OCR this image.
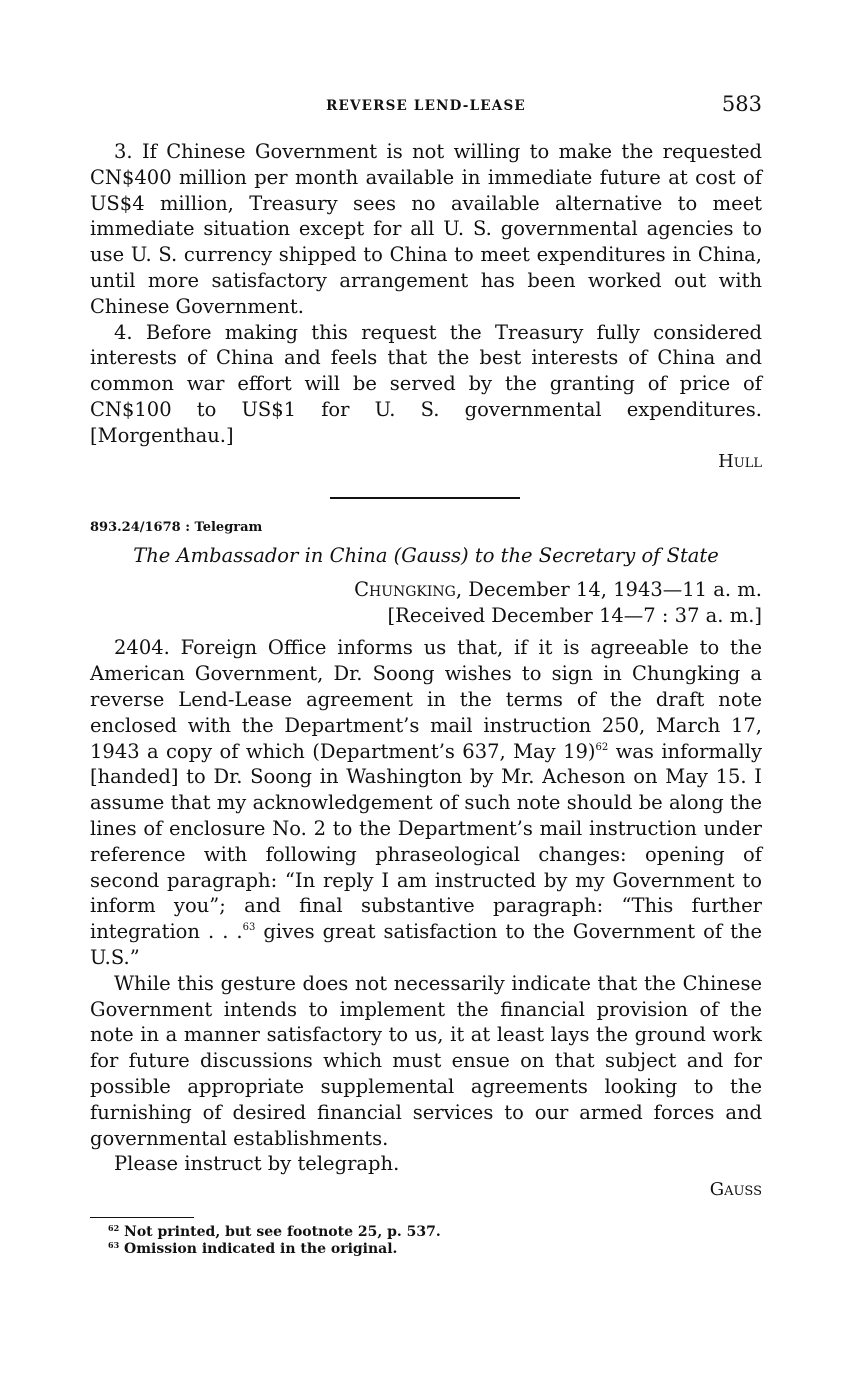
REVERSE LEND-LEASE	583

3. If Chinese Government is not willing to make the requested CN$400 million per month available in immediate future at cost of US$4 million, Treasury sees no available alternative to meet immediate situation except for all U. S. governmental agencies to use U. S. currency shipped to China to meet expenditures in China, until more satisfactory arrangement has been worked out with Chinese Government.

4. Before making this request the Treasury fully considered interests of China and feels that the best interests of China and common war effort will be served by the granting of price of CN$100 to US$1 for U. S. governmental expenditures. [Morgenthau.]

Hull

893.24/1678 : Telegram
The Ambassador in China (Gauss) to the Secretary of State
Chungking, December 14, 1943—11 a. m.
[Received December 14—7 : 37 a. m.]

2404. Foreign Office informs us that, if it is agreeable to the American Government, Dr. Soong wishes to sign in Chungking a reverse Lend-Lease agreement in the terms of the draft note enclosed with the Department’s mail instruction 250, March 17, 1943 a copy of which (Department’s 637, May 19)$^{62}$ was informally [handed] to Dr. Soong in Washington by Mr. Acheson on May 15. I assume that my acknowledgement of such note should be along the lines of enclosure No. 2 to the Department’s mail instruction under reference with following phraseological changes: opening of second paragraph: “In reply I am instructed by my Government to inform you”; and final substantive paragraph: “This further integration . . .$^{63}$ gives great satisfaction to the Government of the U.S.”

While this gesture does not necessarily indicate that the Chinese Government intends to implement the financial provision of the note in a manner satisfactory to us, it at least lays the ground work for future discussions which must ensue on that subject and for possible appropriate supplemental agreements looking to the furnishing of desired financial services to our armed forces and governmental establishments.

Please instruct by telegraph.

Gauss

$^{62}$ Not printed, but see footnote 25, p. 537.
$^{63}$ Omission indicated in the original.
